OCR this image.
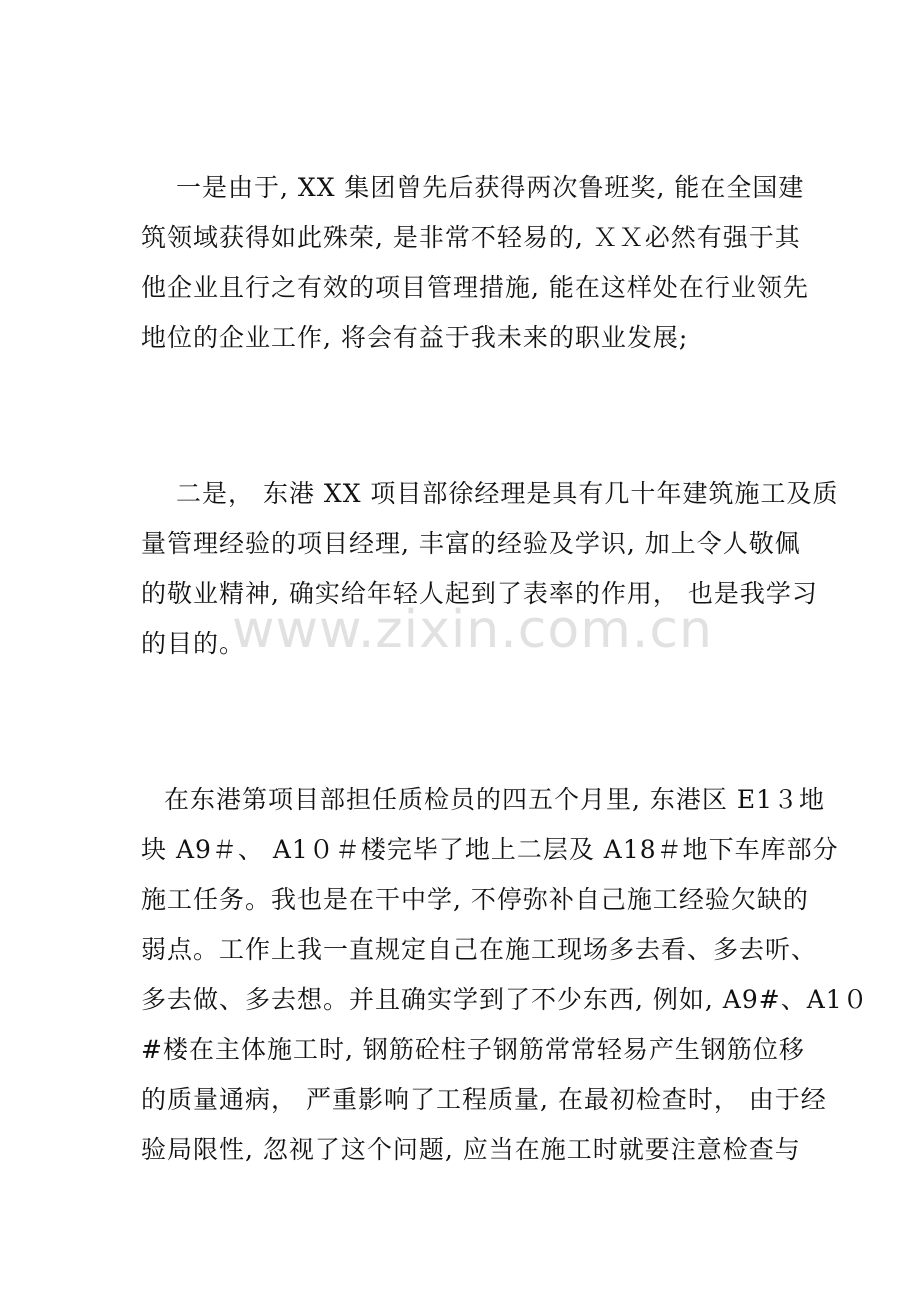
一是由于, XX 集团曾先后获得两次鲁班奖, 能在全国建
筑领域获得如此殊荣, 是非常不轻易的, ＸＸ必然有强于其
他企业且行之有效的项目管理措施, 能在这样处在行业领先
地位的企业工作, 将会有益于我未来的职业发展;
二是， 东港 XX 项目部徐经理是具有几十年建筑施工及质
量管理经验的项目经理, 丰富的经验及学识, 加上令人敬佩
的敬业精神, 确实给年轻人起到了表率的作用， 也是我学习
的目的。
在东港第项目部担任质检员的四五个月里, 东港区 E1３地
块 A9＃、 A1０＃楼完毕了地上二层及 A18＃地下车库部分
施工任务。我也是在干中学, 不停弥补自己施工经验欠缺的
弱点。工作上我一直规定自己在施工现场多去看、多去听、
多去做、多去想。并且确实学到了不少东西, 例如, A9#、A1０
#楼在主体施工时, 钢筋砼柱子钢筋常常轻易产生钢筋位移
的质量通病， 严重影响了工程质量, 在最初检查时， 由于经
验局限性, 忽视了这个问题, 应当在施工时就要注意检查与
www.zixin.com.cn
